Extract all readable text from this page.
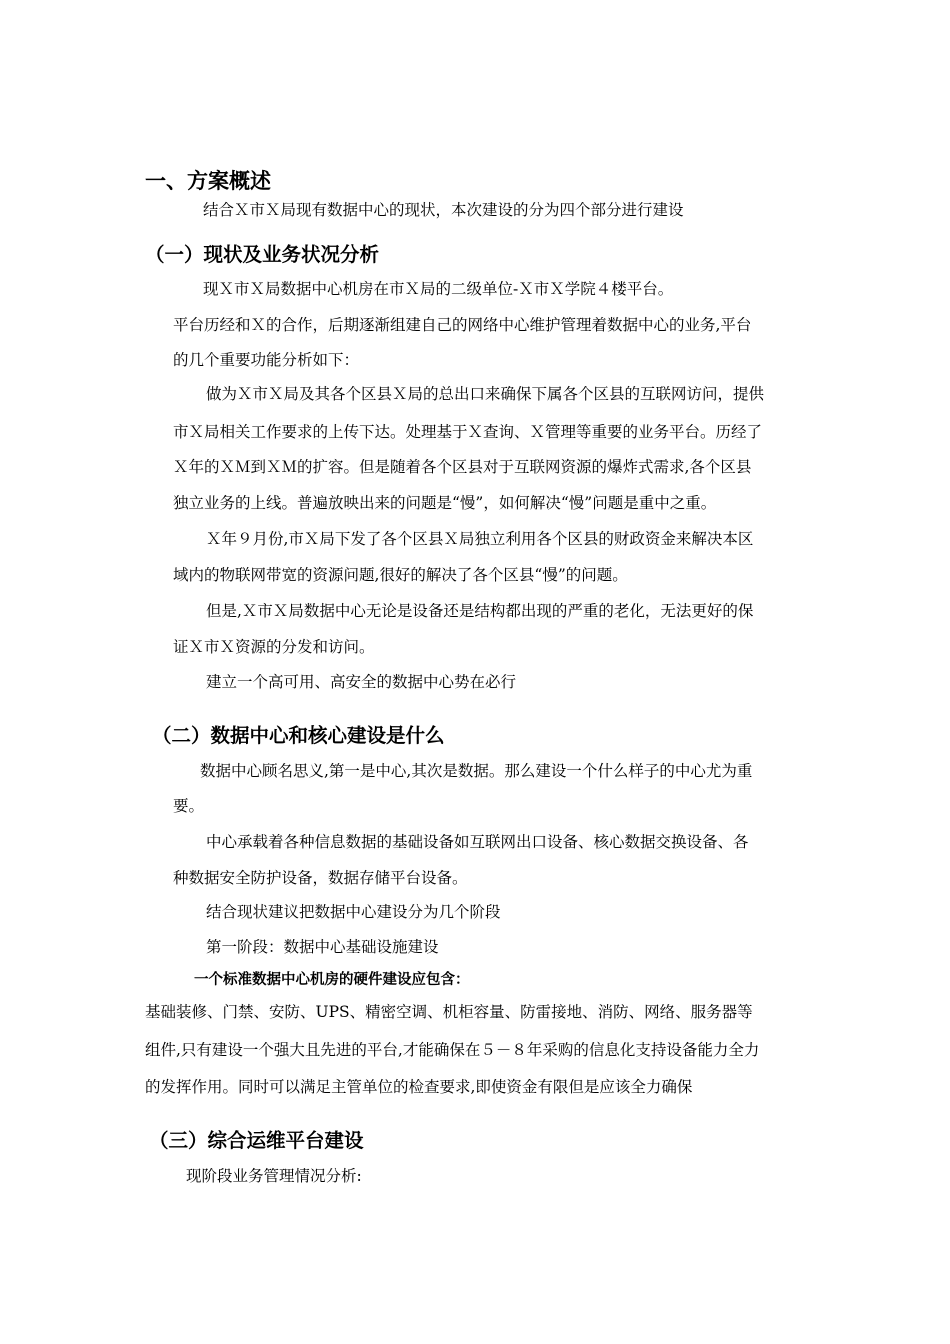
一、方案概述
结合Ｘ市Ｘ局现有数据中心的现状，本次建设的分为四个部分进行建设
（一）现状及业务状况分析
现Ｘ市Ｘ局数据中心机房在市Ｘ局的二级单位-Ｘ市Ｘ学院４楼平台。
平台历经和Ｘ的合作，后期逐渐组建自己的网络中心维护管理着数据中心的业务,平台
的几个重要功能分析如下：
做为Ｘ市Ｘ局及其各个区县Ｘ局的总出口来确保下属各个区县的互联网访问，提供
市Ｘ局相关工作要求的上传下达。处理基于Ｘ查询、Ｘ管理等重要的业务平台。历经了
Ｘ年的ＸＭ到ＸＭ的扩容。但是随着各个区县对于互联网资源的爆炸式需求,各个区县
独立业务的上线。普遍放映出来的问题是“慢”，如何解决“慢”问题是重中之重。
Ｘ年９月份,市Ｘ局下发了各个区县Ｘ局独立利用各个区县的财政资金来解决本区
域内的物联网带宽的资源问题,很好的解决了各个区县“慢”的问题。
但是,Ｘ市Ｘ局数据中心无论是设备还是结构都出现的严重的老化，无法更好的保
证Ｘ市Ｘ资源的分发和访问。
建立一个高可用、高安全的数据中心势在必行
（二）数据中心和核心建设是什么
数据中心顾名思义,第一是中心,其次是数据。那么建设一个什么样子的中心尤为重
要。
中心承载着各种信息数据的基础设备如互联网出口设备、核心数据交换设备、各
种数据安全防护设备，数据存储平台设备。
结合现状建议把数据中心建设分为几个阶段
第一阶段：数据中心基础设施建设
一个标准数据中心机房的硬件建设应包含：
基础装修、门禁、安防、UPS、精密空调、机柜容量、防雷接地、消防、网络、服务器等
组件,只有建设一个强大且先进的平台,才能确保在５－８年采购的信息化支持设备能力全力
的发挥作用。同时可以满足主管单位的检查要求,即使资金有限但是应该全力确保
（三）综合运维平台建设
现阶段业务管理情况分析:
